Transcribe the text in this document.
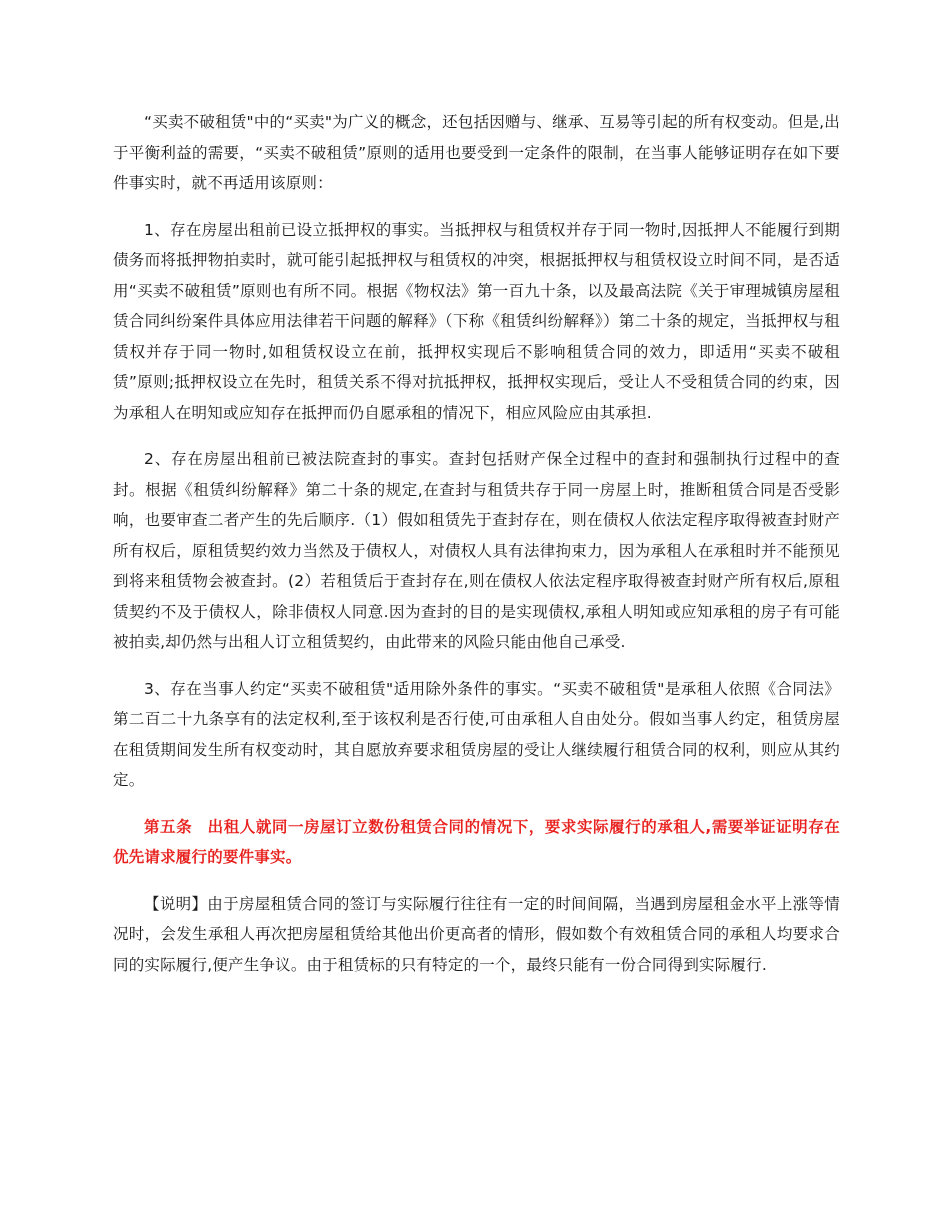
“买卖不破租赁"中的“买卖"为广义的概念，还包括因赠与、继承、互易等引起的所有权变动。但是,出于平衡利益的需要，“买卖不破租赁”原则的适用也要受到一定条件的限制，在当事人能够证明存在如下要件事实时，就不再适用该原则：

1、存在房屋出租前已设立抵押权的事实。当抵押权与租赁权并存于同一物时,因抵押人不能履行到期债务而将抵押物拍卖时，就可能引起抵押权与租赁权的冲突，根据抵押权与租赁权设立时间不同，是否适用“买卖不破租赁”原则也有所不同。根据《物权法》第一百九十条，以及最高法院《关于审理城镇房屋租赁合同纠纷案件具体应用法律若干问题的解释》（下称《租赁纠纷解释》）第二十条的规定，当抵押权与租赁权并存于同一物时,如租赁权设立在前，抵押权实现后不影响租赁合同的效力，即适用“买卖不破租赁”原则;抵押权设立在先时，租赁关系不得对抗抵押权，抵押权实现后，受让人不受租赁合同的约束，因为承租人在明知或应知存在抵押而仍自愿承租的情况下，相应风险应由其承担.

2、存在房屋出租前已被法院查封的事实。查封包括财产保全过程中的查封和强制执行过程中的查封。根据《租赁纠纷解释》第二十条的规定,在查封与租赁共存于同一房屋上时，推断租赁合同是否受影响，也要审查二者产生的先后顺序.（1）假如租赁先于查封存在，则在债权人依法定程序取得被查封财产所有权后，原租赁契约效力当然及于债权人，对债权人具有法律拘束力，因为承租人在承租时并不能预见到将来租赁物会被查封。(2）若租赁后于查封存在,则在债权人依法定程序取得被查封财产所有权后,原租赁契约不及于债权人，除非债权人同意.因为查封的目的是实现债权,承租人明知或应知承租的房子有可能被拍卖,却仍然与出租人订立租赁契约，由此带来的风险只能由他自己承受.

3、存在当事人约定“买卖不破租赁"适用除外条件的事实。“买卖不破租赁"是承租人依照《合同法》第二百二十九条享有的法定权利,至于该权利是否行使,可由承租人自由处分。假如当事人约定，租赁房屋在租赁期间发生所有权变动时，其自愿放弃要求租赁房屋的受让人继续履行租赁合同的权利，则应从其约定。

第五条 出租人就同一房屋订立数份租赁合同的情况下，要求实际履行的承租人,需要举证证明存在优先请求履行的要件事实。

【说明】由于房屋租赁合同的签订与实际履行往往有一定的时间间隔，当遇到房屋租金水平上涨等情况时，会发生承租人再次把房屋租赁给其他出价更高者的情形，假如数个有效租赁合同的承租人均要求合同的实际履行,便产生争议。由于租赁标的只有特定的一个，最终只能有一份合同得到实际履行.
